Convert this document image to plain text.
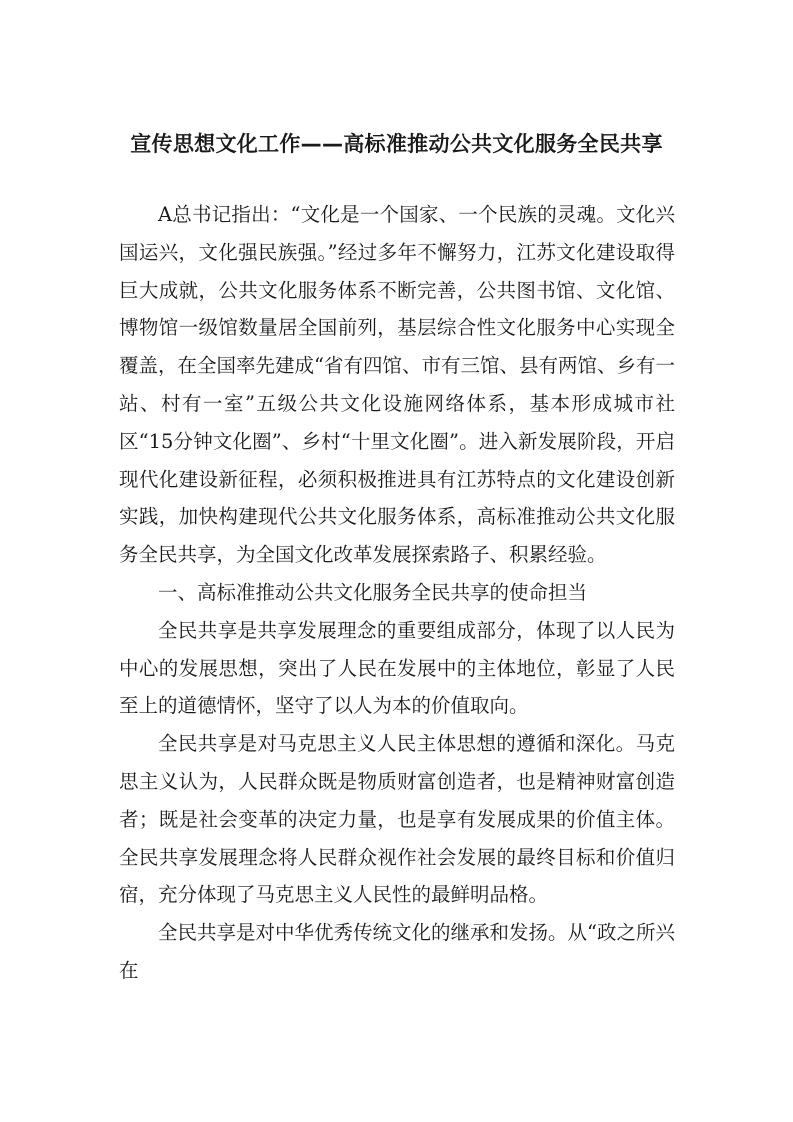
宣传思想文化工作——高标准推动公共文化服务全民共享

A总书记指出：“文化是一个国家、一个民族的灵魂。文化兴国运兴，文化强民族强。”经过多年不懈努力，江苏文化建设取得巨大成就，公共文化服务体系不断完善，公共图书馆、文化馆、博物馆一级馆数量居全国前列，基层综合性文化服务中心实现全覆盖，在全国率先建成“省有四馆、市有三馆、县有两馆、乡有一站、村有一室”五级公共文化设施网络体系，基本形成城市社区“15分钟文化圈”、乡村“十里文化圈”。进入新发展阶段，开启现代化建设新征程，必须积极推进具有江苏特点的文化建设创新实践，加快构建现代公共文化服务体系，高标准推动公共文化服务全民共享，为全国文化改革发展探索路子、积累经验。

一、高标准推动公共文化服务全民共享的使命担当

全民共享是共享发展理念的重要组成部分，体现了以人民为中心的发展思想，突出了人民在发展中的主体地位，彰显了人民至上的道德情怀，坚守了以人为本的价值取向。

全民共享是对马克思主义人民主体思想的遵循和深化。马克思主义认为，人民群众既是物质财富创造者，也是精神财富创造者；既是社会变革的决定力量，也是享有发展成果的价值主体。全民共享发展理念将人民群众视作社会发展的最终目标和价值归宿，充分体现了马克思主义人民性的最鲜明品格。

全民共享是对中华优秀传统文化的继承和发扬。从“政之所兴在
